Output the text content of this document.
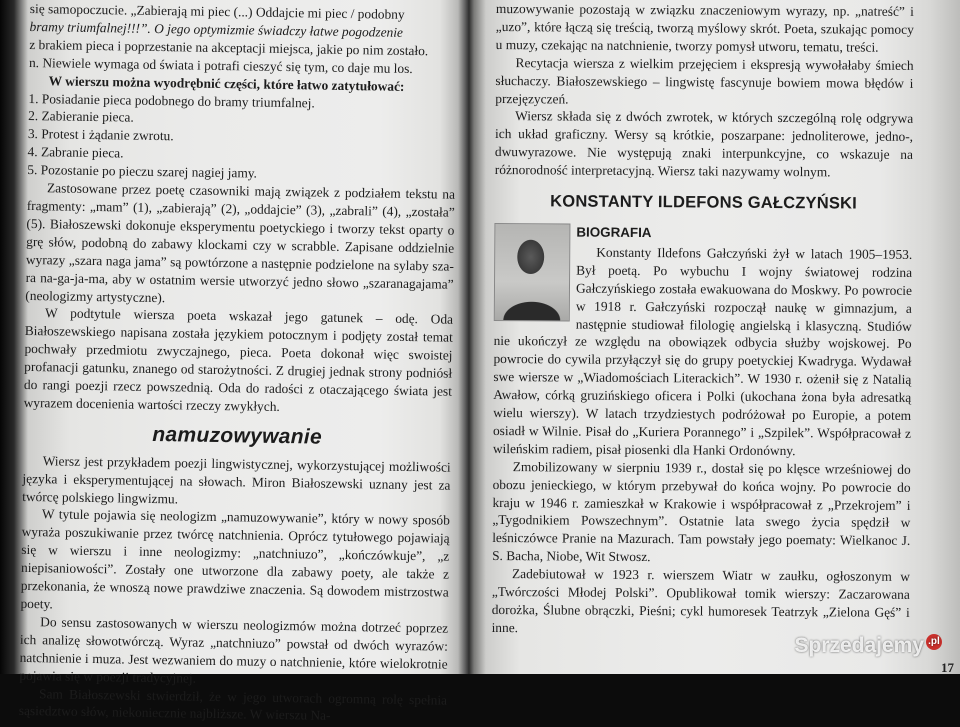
się samopoczucie. „Zabierają mi piec (...) Oddajcie mi piec / podobny

bramy triumfalnej!!!”. O jego optymizmie świadczy łatwe pogodzenie

z brakiem pieca i poprzestanie na akceptacji miejsca, jakie po nim zostało.

n. Niewiele wymaga od świata i potrafi cieszyć się tym, co daje mu los.

W wierszu można wyodrębnić części, które łatwo zatytułować:

1. Posiadanie pieca podobnego do bramy triumfalnej.
2. Zabieranie pieca.
3. Protest i żądanie zwrotu.
4. Zabranie pieca.
5. Pozostanie po pieczu szarej nagiej jamy.

Zastosowane przez poetę czasowniki mają związek z podziałem tekstu na fragmenty: „mam” (1), „zabierają” (2), „oddajcie” (3), „zabrali” (4), „została” (5). Białoszewski dokonuje eksperymentu poetyckiego i tworzy tekst oparty o grę słów, podobną do zabawy klockami czy w scrabble. Zapisane oddzielnie wyrazy „szara naga jama” są powtórzone a następnie podzielone na sylaby sza-ra na-ga-ja-ma, aby w ostatnim wersie utworzyć jedno słowo „szaranagajama” (neologizmy artystyczne).

W podtytule wiersza poeta wskazał jego gatunek – odę. Oda Białoszewskiego napisana została językiem potocznym i podjęty został temat pochwały przedmiotu zwyczajnego, pieca. Poeta dokonał więc swoistej profanacji gatunku, znanego od starożytności. Z drugiej jednak strony podniósł do rangi poezji rzecz powszednią. Oda do radości z otaczającego świata jest wyrazem docenienia wartości rzeczy zwykłych.

namuzowywanie

Wiersz jest przykładem poezji lingwistycznej, wykorzystującej możliwości języka i eksperymentującej na słowach. Miron Białoszewski uznany jest za twórcę polskiego lingwizmu.

W tytule pojawia się neologizm „namuzowywanie”, który w nowy sposób wyraża poszukiwanie przez twórcę natchnienia. Oprócz tytułowego pojawiają się w wierszu i inne neologizmy: „natchniuzo”, „kończówkuje”, „z niepisaniowości”. Zostały one utworzone dla zabawy poety, ale także z przekonania, że wnoszą nowe prawdziwe znaczenia. Są dowodem mistrzostwa poety.

Do sensu zastosowanych w wierszu neologizmów można dotrzeć poprzez ich analizę słowotwórczą. Wyraz „natchniuzo” powstał od dwóch wyrazów: natchnienie i muza. Jest wezwaniem do muzy o natchnienie, które wielokrotnie pojawia się w poezji tradycyjnej.

Sam Białoszewski stwierdził, że w jego utworach ogromną rolę spełnia sąsiedztwo słów, niekoniecznie najbliższe. W wierszu Na-

muzowywanie pozostają w związku znaczeniowym wyrazy, np. „natreść” i „uzo”, które łączą się treścią, tworzą myślowy skrót. Poeta, szukając pomocy u muzy, czekając na natchnienie, tworzy pomysł utworu, tematu, treści.

Recytacja wiersza z wielkim przejęciem i ekspresją wywołałaby śmiech słuchaczy. Białoszewskiego – lingwistę fascynuje bowiem mowa błędów i przejęzyczeń.

Wiersz składa się z dwóch zwrotek, w których szczególną rolę odgrywa ich układ graficzny. Wersy są krótkie, poszarpane: jednoliterowe, jedno-, dwuwyrazowe. Nie występują znaki interpunkcyjne, co wskazuje na różnorodność interpretacyjną. Wiersz taki nazywamy wolnym.

KONSTANTY ILDEFONS GAŁCZYŃSKI

BIOGRAFIA

Konstanty Ildefons Gałczyński żył w latach 1905–1953. Był poetą. Po wybuchu I wojny światowej rodzina Gałczyńskiego została ewakuowana do Moskwy. Po powrocie w 1918 r. Gałczyński rozpoczął naukę w gimnazjum, a następnie studiował filologię angielską i klasyczną. Studiów nie ukończył ze względu na obowiązek odbycia służby wojskowej. Po powrocie do cywila przyłączył się do grupy poetyckiej Kwadryga. Wydawał swe wiersze w „Wiadomościach Literackich”. W 1930 r. ożenił się z Natalią Awałow, córką gruzińskiego oficera i Polki (ukochana żona była adresatką wielu wierszy). W latach trzydziestych podróżował po Europie, a potem osiadł w Wilnie. Pisał do „Kuriera Porannego” i „Szpilek”. Współpracował z wileńskim radiem, pisał piosenki dla Hanki Ordonówny.

Zmobilizowany w sierpniu 1939 r., dostał się po klęsce wrześniowej do obozu jenieckiego, w którym przebywał do końca wojny. Po powrocie do kraju w 1946 r. zamieszkał w Krakowie i współpracował z „Przekrojem” i „Tygodnikiem Powszechnym”. Ostatnie lata swego życia spędził w leśniczówce Pranie na Mazurach. Tam powstały jego poematy: Wielkanoc J. S. Bacha, Niobe, Wit Stwosz.

Zadebiutował w 1923 r. wierszem Wiatr w zaułku, ogłoszonym w „Twórczości Młodej Polski”. Opublikował tomik wierszy: Zaczarowana dorożka, Ślubne obrączki, Pieśni; cykl humoresek Teatrzyk „Zielona Gęś” i inne.

17
Sprzedajemy .pl
